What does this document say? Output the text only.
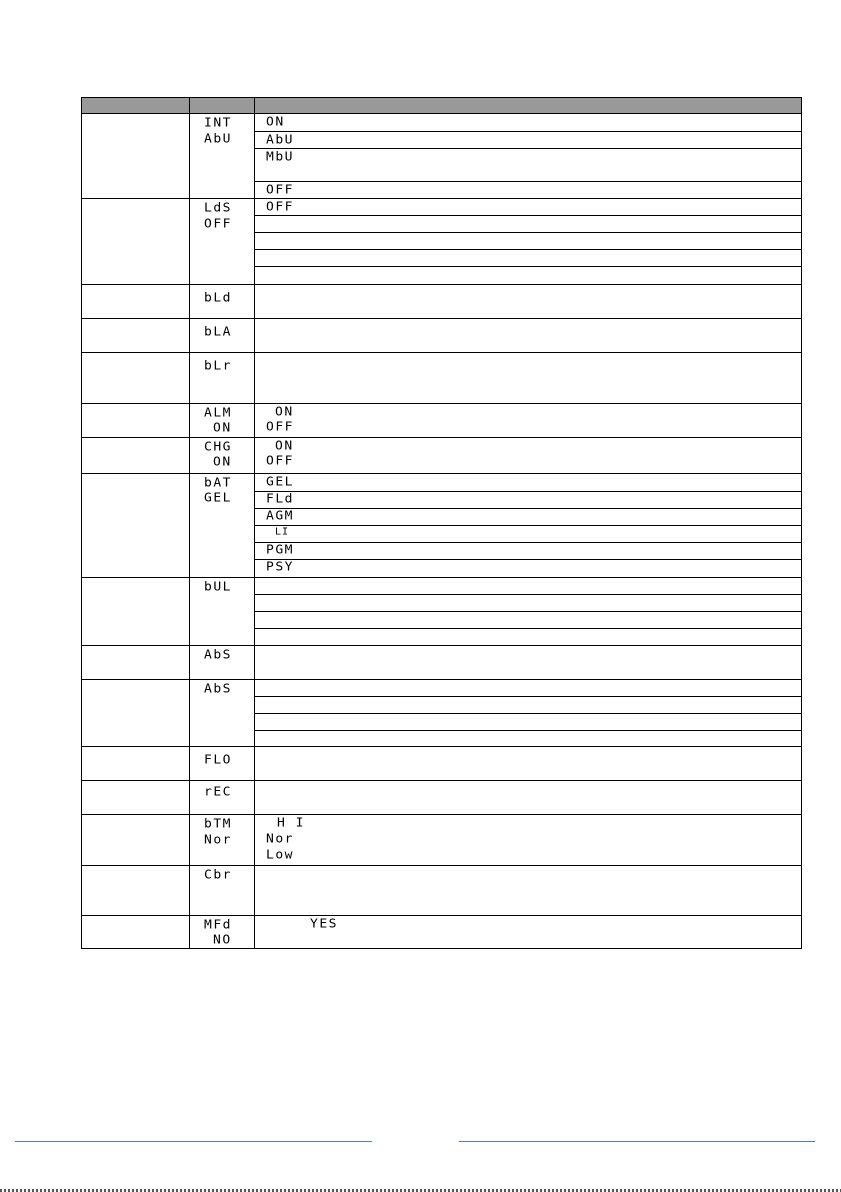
INT
AbU
ON
AbU
MbU
OFF
LdS
OFF
OFF
bLd
bLA
bLr
ALM
ON
ON
OFF
CHG
ON
ON
OFF
bAT
GEL
GEL
FLd
AGM
LI
PGM
PSY
bUL
AbS
AbS
FLO
rEC
bTM
Nor
H I
Nor
Low
Cbr
MFd
NO
YES
